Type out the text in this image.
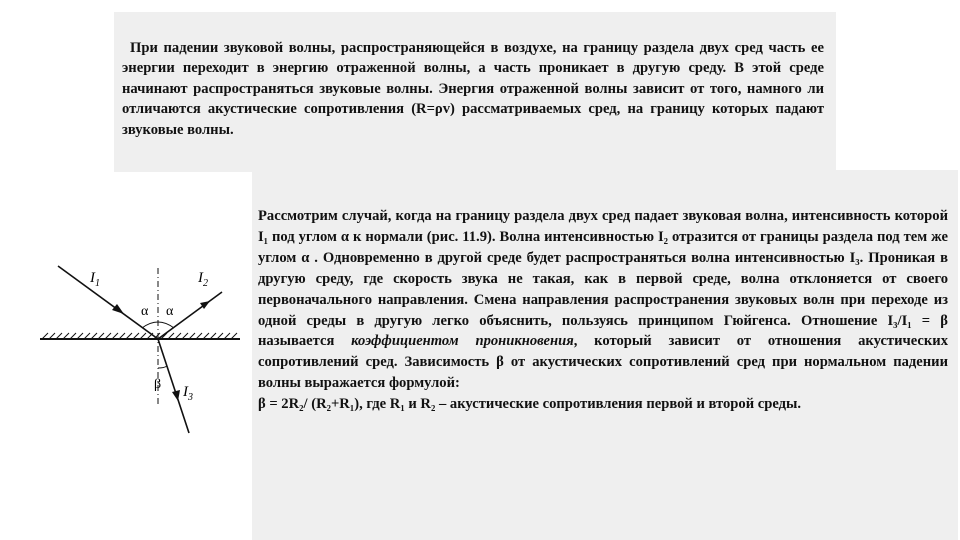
При падении звуковой волны, распространяющейся в воздухе, на границу раздела двух сред часть ее энергии переходит в энергию отраженной волны, а часть проникает в другую среду. В этой среде начинают распространяться звуковые волны. Энергия отраженной волны зависит от того, намного ли отличаются акустические сопротивления (R=ρv) рассматриваемых сред, на границу которых падают звуковые волны.

Рассмотрим случай, когда на границу раздела двух сред падает звуковая волна, интенсивность которой I₁ под углом α к нормали (рис. 11.9). Волна интенсивностью I₂ отразится от границы раздела под тем же углом α . Одновременно в другой среде будет распространяться волна интенсивностью I₃. Проникая в другую среду, где скорость звука не такая, как в первой среде, волна отклоняется от своего первоначального направления. Смена направления распространения звуковых волн при переходе из одной среды в другую легко объяснить, пользуясь принципом Гюйгенса. Отношение I₃/I₁ = β называется коэффициентом проникновения, который зависит от отношения акустических сопротивлений сред. Зависимость β от акустических сопротивлений сред при нормальном падении волны выражается формулой:
β = 2R₂/ (R₂+R₁), где R₁ и R₂ – акустические сопротивления первой и второй среды.

$I_1$	$I_2$
$I_3$
α α
β
